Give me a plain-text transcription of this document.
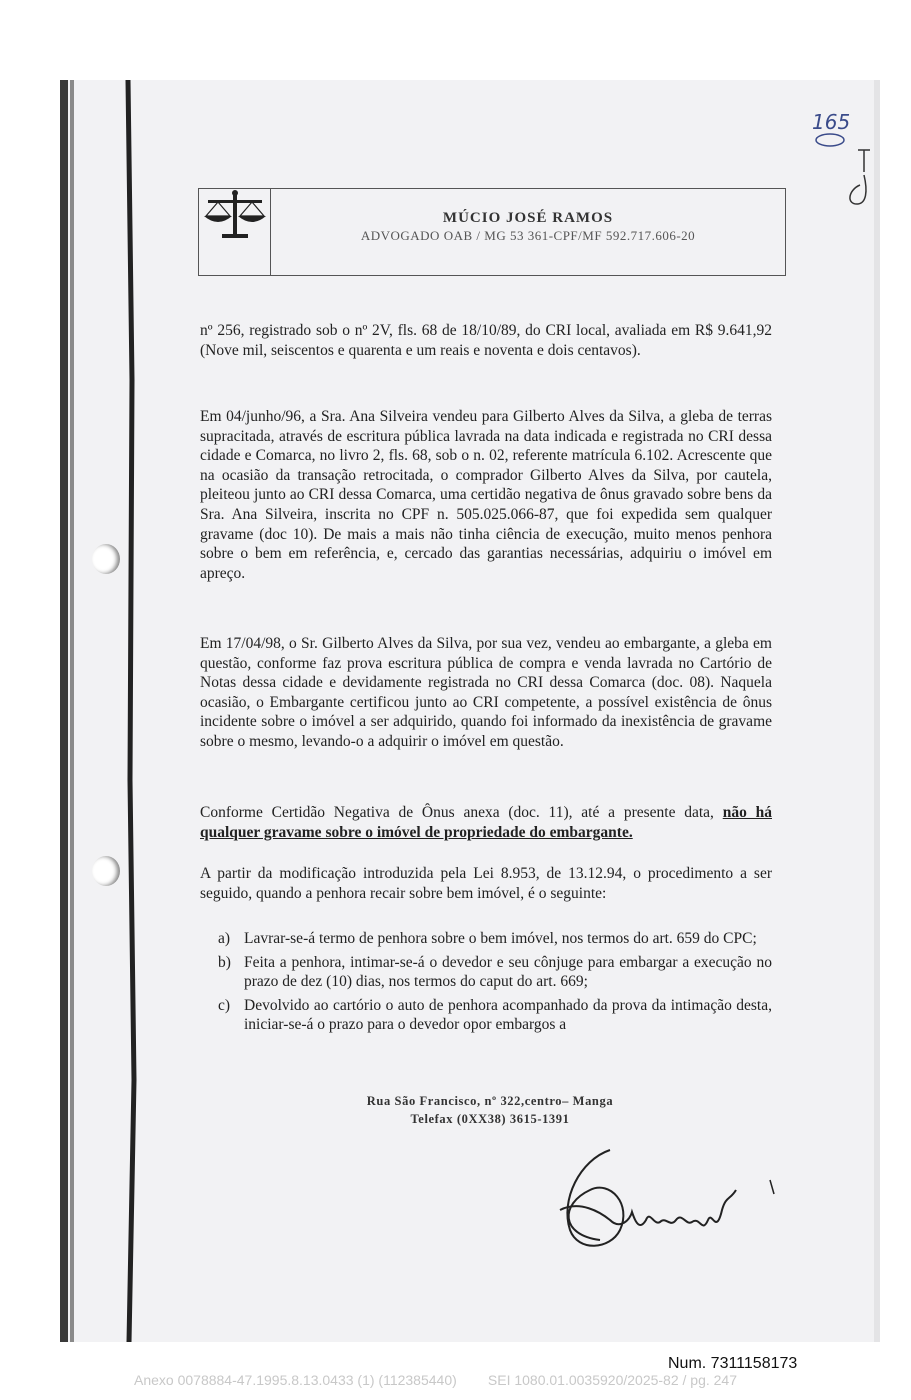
165
MÚCIO JOSÉ RAMOS
ADVOGADO OAB / MG 53 361-CPF/MF 592.717.606-20
nº 256, registrado sob o nº 2V, fls. 68 de 18/10/89, do CRI local, avaliada em R$ 9.641,92 (Nove mil, seiscentos e quarenta e um reais e noventa e dois centavos).
Em 04/junho/96, a Sra. Ana Silveira vendeu para Gilberto Alves da Silva, a gleba de terras supracitada, através de escritura pública lavrada na data indicada e registrada no CRI dessa cidade e Comarca, no livro 2, fls. 68, sob o n. 02, referente matrícula 6.102. Acrescente que na ocasião da transação retrocitada, o comprador Gilberto Alves da Silva, por cautela, pleiteou junto ao CRI dessa Comarca, uma certidão negativa de ônus gravado sobre bens da Sra. Ana Silveira, inscrita no CPF n. 505.025.066-87, que foi expedida sem qualquer gravame (doc 10). De mais a mais não tinha ciência de execução, muito menos penhora sobre o bem em referência, e, cercado das garantias necessárias, adquiriu o imóvel em apreço.
Em 17/04/98, o Sr. Gilberto Alves da Silva, por sua vez, vendeu ao embargante, a gleba em questão, conforme faz prova escritura pública de compra e venda lavrada no Cartório de Notas dessa cidade e devidamente registrada no CRI dessa Comarca (doc. 08). Naquela ocasião, o Embargante certificou junto ao CRI competente, a possível existência de ônus incidente sobre o imóvel a ser adquirido, quando foi informado da inexistência de gravame sobre o mesmo, levando-o a adquirir o imóvel em questão.
Conforme Certidão Negativa de Ônus anexa (doc. 11), até a presente data, não há qualquer gravame sobre o imóvel de propriedade do embargante.
A partir da modificação introduzida pela Lei 8.953, de 13.12.94, o procedimento a ser seguido, quando a penhora recair sobre bem imóvel, é o seguinte:
a) Lavrar-se-á termo de penhora sobre o bem imóvel, nos termos do art. 659 do CPC;
b) Feita a penhora, intimar-se-á o devedor e seu cônjuge para embargar a execução no prazo de dez (10) dias, nos termos do caput do art. 669;
c) Devolvido ao cartório o auto de penhora acompanhado da prova da intimação desta, iniciar-se-á o prazo para o devedor opor embargos a
Rua São Francisco, nº 322,centro– Manga
Telefax (0XX38) 3615-1391
Num. 7311158173
Anexo 0078884-47.1995.8.13.0433 (1) (112385440)        SEI 1080.01.0035920/2025-82 / pg. 247
